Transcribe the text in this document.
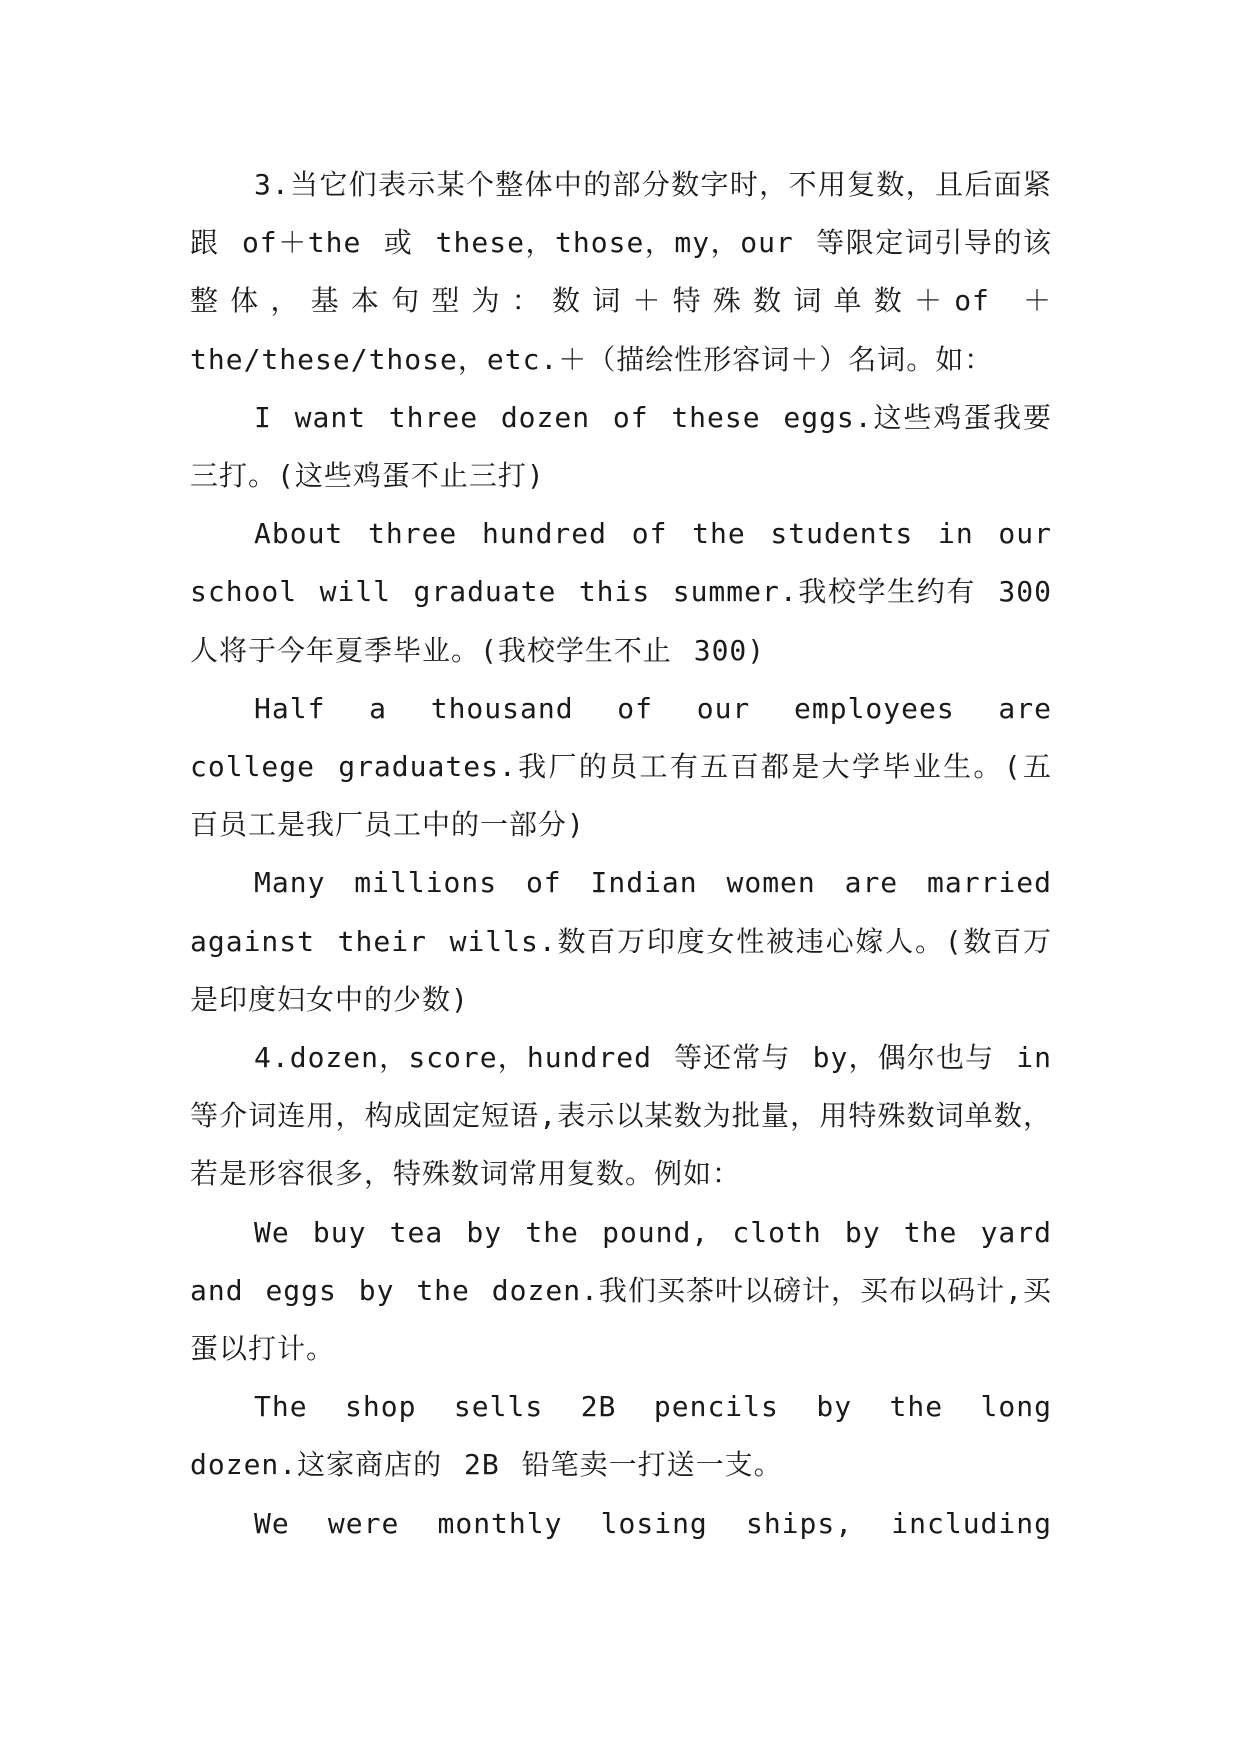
3.当它们表示某个整体中的部分数字时，不用复数，且后面紧跟 of＋the 或 these，those，my，our 等限定词引导的该整体，基本句型为：数词＋特殊数词单数＋of ＋the/these/those，etc.＋（描绘性形容词＋）名词。如：

I want three dozen of these eggs.这些鸡蛋我要三打。(这些鸡蛋不止三打)

About three hundred of the students in our school will graduate this summer.我校学生约有 300 人将于今年夏季毕业。(我校学生不止 300)

Half a thousand of our employees are college graduates.我厂的员工有五百都是大学毕业生。(五百员工是我厂员工中的一部分)

Many millions of Indian women are married against their wills.数百万印度女性被违心嫁人。(数百万是印度妇女中的少数)

4.dozen，score，hundred 等还常与 by，偶尔也与 in 等介词连用，构成固定短语,表示以某数为批量，用特殊数词单数，若是形容很多，特殊数词常用复数。例如：

We buy tea by the pound, cloth by the yard and eggs by the dozen.我们买茶叶以磅计，买布以码计,买蛋以打计。

The shop sells 2B pencils by the long dozen.这家商店的 2B 铅笔卖一打送一支。

We were monthly losing ships, including
